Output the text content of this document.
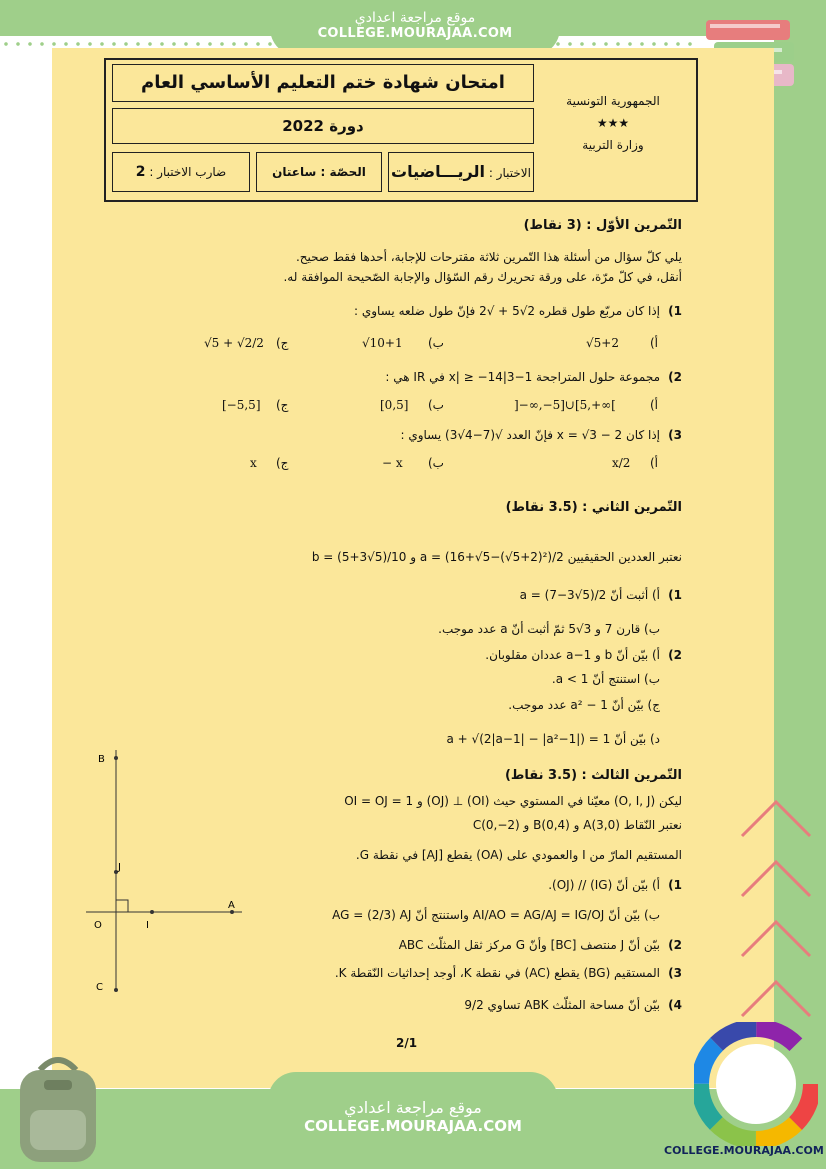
موقع مراجعة اعدادي
COLLEGE.MOURAJAA.COM
امتحان شهادة ختم التعليم الأساسي العام
دورة 2022
الاختبار : الريـــاضيات
الحصّة : ساعتان
ضارب الاختبار : 2
الجمهورية التونسية
★★★
وزارة التربية
التّمرين الأوّل : (3 نقاط)
يلي كلّ سؤال من أسئلة هذا التّمرين ثلاثة مقترحات للإجابة، أحدها فقط صحيح.
أنقل، في كلّ مرّة، على ورقة تحريرك رقم السّؤال والإجابة الصّحيحة الموافقة له.
1)
إذا كان مربّع طول قطره 2√5 + √2 فإنّ طول ضلعه يساوي :
√5+2	أ)
√10+1 ب)
√5 + √2/2 ج)
2)
مجموعة حلول المتراجحة 1−3|x| ≥ −14 في IR هي :
]−∞,−5]∪[5,+∞[	أ)
[0,5] ب)
[−5,5] ج)
3)
إذا كان x = √3 − 2 فإنّ العدد √(7−4√3) يساوي :
x/2 أ)
− x ب)
x ج)
التّمرين الثاني : (3.5 نقاط)
نعتبر العددين الحقيقيين a = (16+√5−(√5+2)²)/2 و b = (5+3√5)/10
1)
أ) أثبت أنّ a = (7−3√5)/2
ب) قارن 7 و 3√5 ثمّ أثبت أنّ a عدد موجب.
2)
أ) بيّن أنّ b و 1−a عددان مقلوبان.
ب) استنتج أنّ a < 1.
ج) بيّن أنّ 1 − a² عدد موجب.
د) بيّن أنّ a + √(2|a−1| − |a²−1|) = 1
التّمرين الثالث : (3.5 نقاط)
ليكن (O, I, J) معيّنا في المستوي حيث (OI) ⊥ (OJ) و OI = OJ = 1
نعتبر النّقاط A(3,0) و B(0,4) و C(0,−2)
المستقيم المارّ من I والعمودي على (OA) يقطع [AJ] في نقطة G.
1)
أ) بيّن أنّ (IG) // (OJ).
ب) بيّن أنّ AI/AO = AG/AJ = IG/OJ واستنتج أنّ AG = (2/3) AJ
2)
بيّن أنّ J منتصف [BC] وأنّ G مركز ثقل المثلّث ABC
3)
المستقيم (BG) يقطع (AC) في نقطة K، أوجد إحداثيات النّقطة K.
4)
بيّن أنّ مساحة المثلّث ABK تساوي 9/2
B
J
O	I
A
C
2/1
موقع مراجعة اعدادي
COLLEGE.MOURAJAA.COM
COLLEGE.MOURAJAA.COM
